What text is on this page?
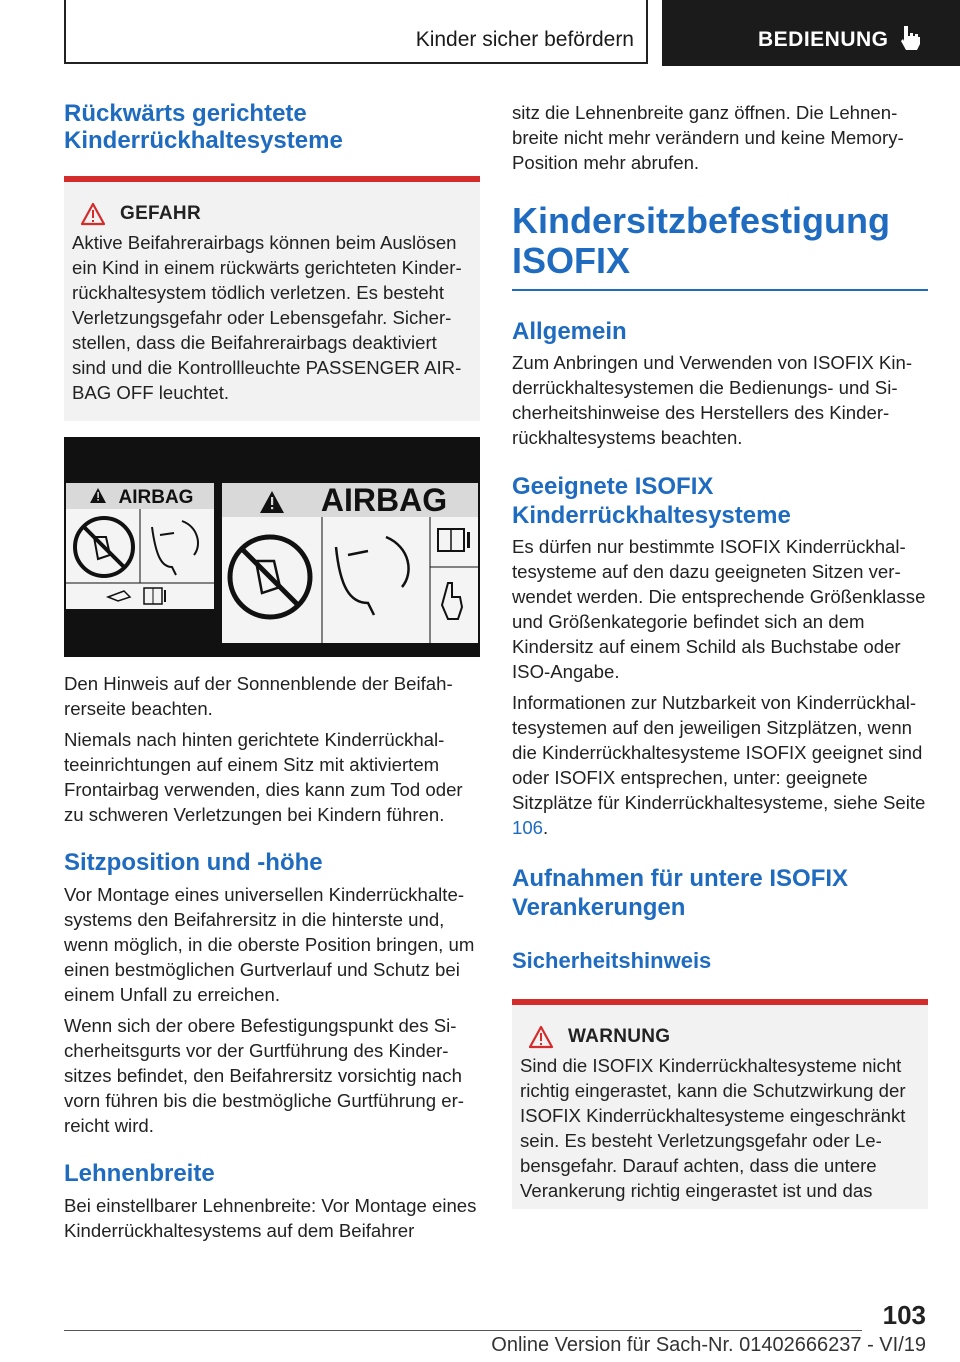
Kinder sicher befördern	BEDIENUNG
Rückwärts gerichtete Kinderrückhaltesysteme
GEFAHR

Aktive Beifahrerairbags können beim Auslösen ein Kind in einem rückwärts gerichteten Kinderrückhaltesystem tödlich verletzen. Es besteht Verletzungsgefahr oder Lebensgefahr. Sicherstellen, dass die Beifahrerairbags deaktiviert sind und die Kontrollleuchte PASSENGER AIRBAG OFF leuchtet.

AIRBAG	AIRBAG

Den Hinweis auf der Sonnenblende der Beifahrerseite beachten.

Niemals nach hinten gerichtete Kinderrückhalteeinrichtungen auf einem Sitz mit aktiviertem Frontairbag verwenden, dies kann zum Tod oder zu schweren Verletzungen bei Kindern führen.

Sitzposition und -höhe

Vor Montage eines universellen Kinderrückhaltesystems den Beifahrersitz in die hinterste und, wenn möglich, in die oberste Position bringen, um einen bestmöglichen Gurtverlauf und Schutz bei einem Unfall zu erreichen.

Wenn sich der obere Befestigungspunkt des Sicherheitsgurts vor der Gurtführung des Kindersitzes befindet, den Beifahrersitz vorsichtig nach vorn führen bis die bestmögliche Gurtführung erreicht wird.

Lehnenbreite

Bei einstellbarer Lehnenbreite: Vor Montage eines Kinderrückhaltesystems auf dem Beifahrer

sitz die Lehnenbreite ganz öffnen. Die Lehnenbreite nicht mehr verändern und keine Memory-Position mehr abrufen.

Kindersitzbefestigung ISOFIX
Allgemein

Zum Anbringen und Verwenden von ISOFIX Kinderrückhaltesystemen die Bedienungs- und Sicherheitshinweise des Herstellers des Kinderrückhaltesystems beachten.

Geeignete ISOFIX Kinderrückhaltesysteme

Es dürfen nur bestimmte ISOFIX Kinderrückhaltesysteme auf den dazu geeigneten Sitzen verwendet werden. Die entsprechende Größenklasse und Größenkategorie befindet sich an dem Kindersitz auf einem Schild als Buchstabe oder ISO-Angabe.

Informationen zur Nutzbarkeit von Kinderrückhaltesystemen auf den jeweiligen Sitzplätzen, wenn die Kinderrückhaltesysteme ISOFIX geeignet sind oder ISOFIX entsprechen, unter: geeignete Sitzplätze für Kinderrückhaltesysteme, siehe Seite 106.

Aufnahmen für untere ISOFIX Verankerungen
Sicherheitshinweis
WARNUNG

Sind die ISOFIX Kinderrückhaltesysteme nicht richtig eingerastet, kann die Schutzwirkung der ISOFIX Kinderrückhaltesysteme eingeschränkt sein. Es besteht Verletzungsgefahr oder Lebensgefahr. Darauf achten, dass die untere Verankerung richtig eingerastet ist und das

103
Online Version für Sach-Nr. 01402666237 - VI/19
